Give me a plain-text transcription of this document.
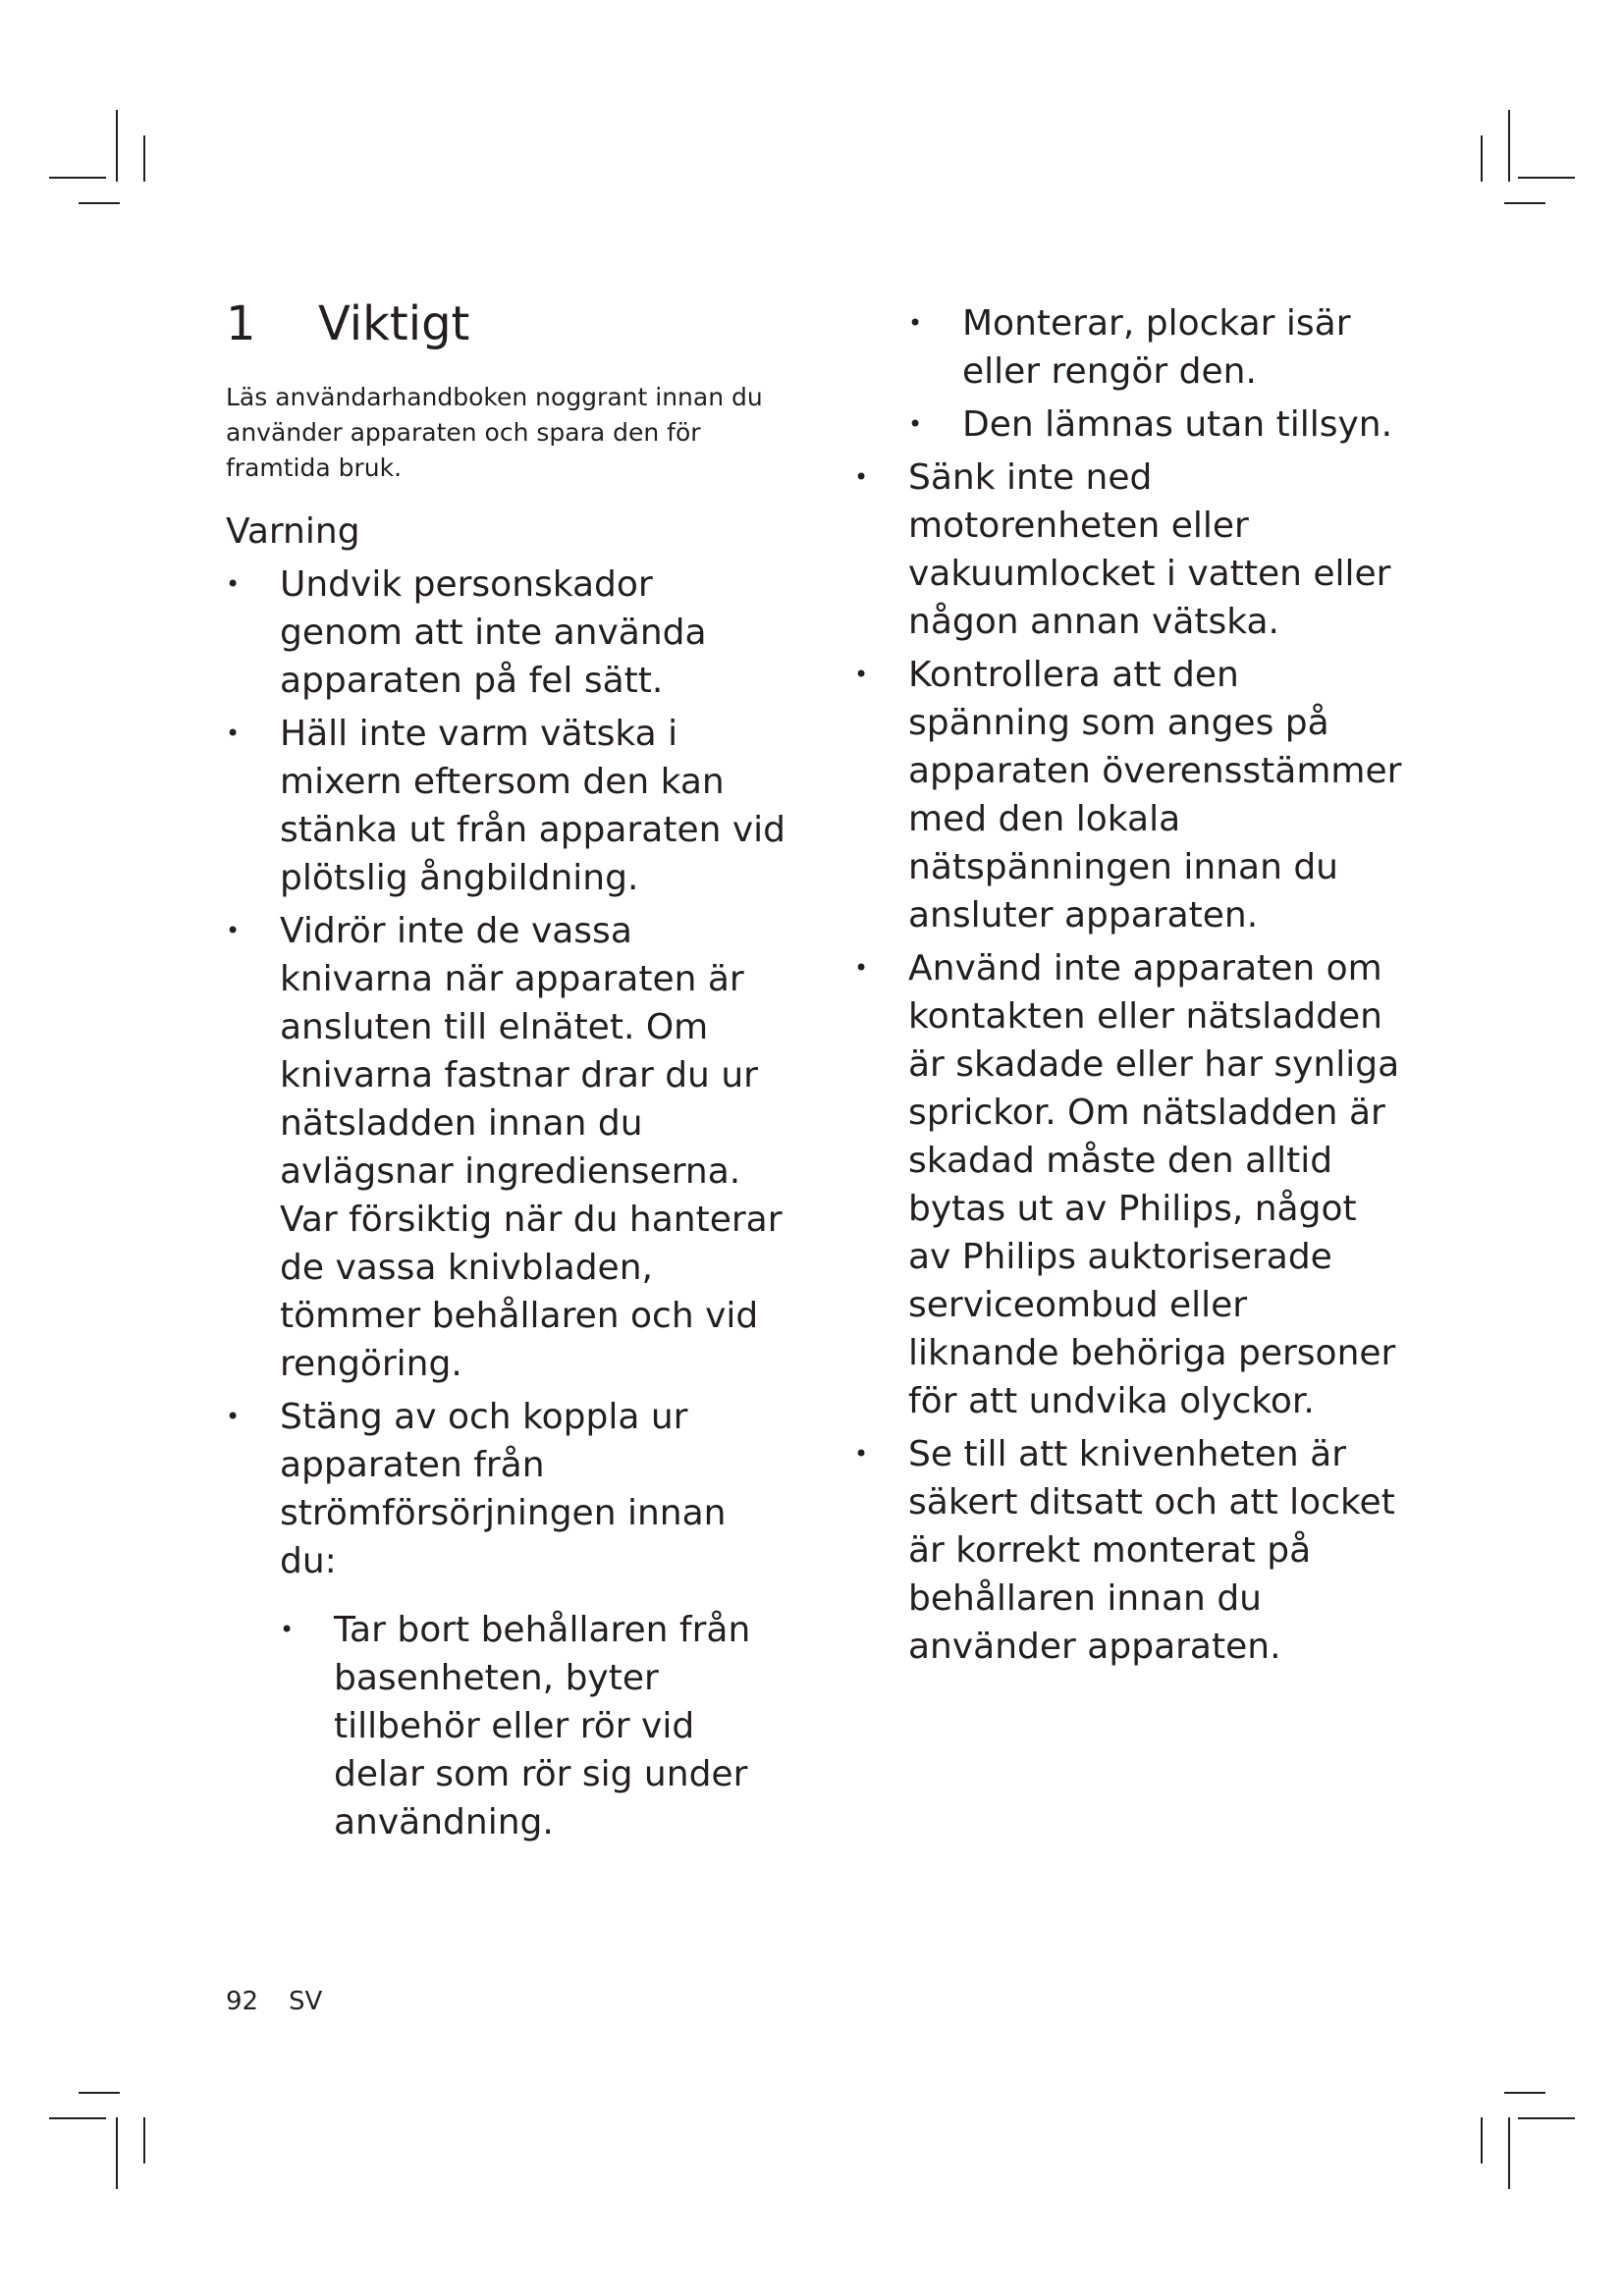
1 Viktigt

Läs användarhandboken noggrant innan du använder apparaten och spara den för framtida bruk.

Varning
• Undvik personskador genom att inte använda apparaten på fel sätt.
• Häll inte varm vätska i mixern eftersom den kan stänka ut från apparaten vid plötslig ångbildning.
• Vidrör inte de vassa knivarna när apparaten är ansluten till elnätet. Om knivarna fastnar drar du ur nätsladden innan du avlägsnar ingredienserna. Var försiktig när du hanterar de vassa knivbladen, tömmer behållaren och vid rengöring.
• Stäng av och koppla ur apparaten från strömförsörjningen innan du:
• Tar bort behållaren från basenheten, byter tillbehör eller rör vid delar som rör sig under användning.
• Monterar, plockar isär eller rengör den.
• Den lämnas utan tillsyn.
• Sänk inte ned motorenheten eller vakuumlocket i vatten eller någon annan vätska.
• Kontrollera att den spänning som anges på apparaten överensstämmer med den lokala nätspänningen innan du ansluter apparaten.
• Använd inte apparaten om kontakten eller nätsladden är skadade eller har synliga sprickor. Om nätsladden är skadad måste den alltid bytas ut av Philips, något av Philips auktoriserade serviceombud eller liknande behöriga personer för att undvika olyckor.
• Se till att knivenheten är säkert ditsatt och att locket är korrekt monterat på behållaren innan du använder apparaten.
92 SV
